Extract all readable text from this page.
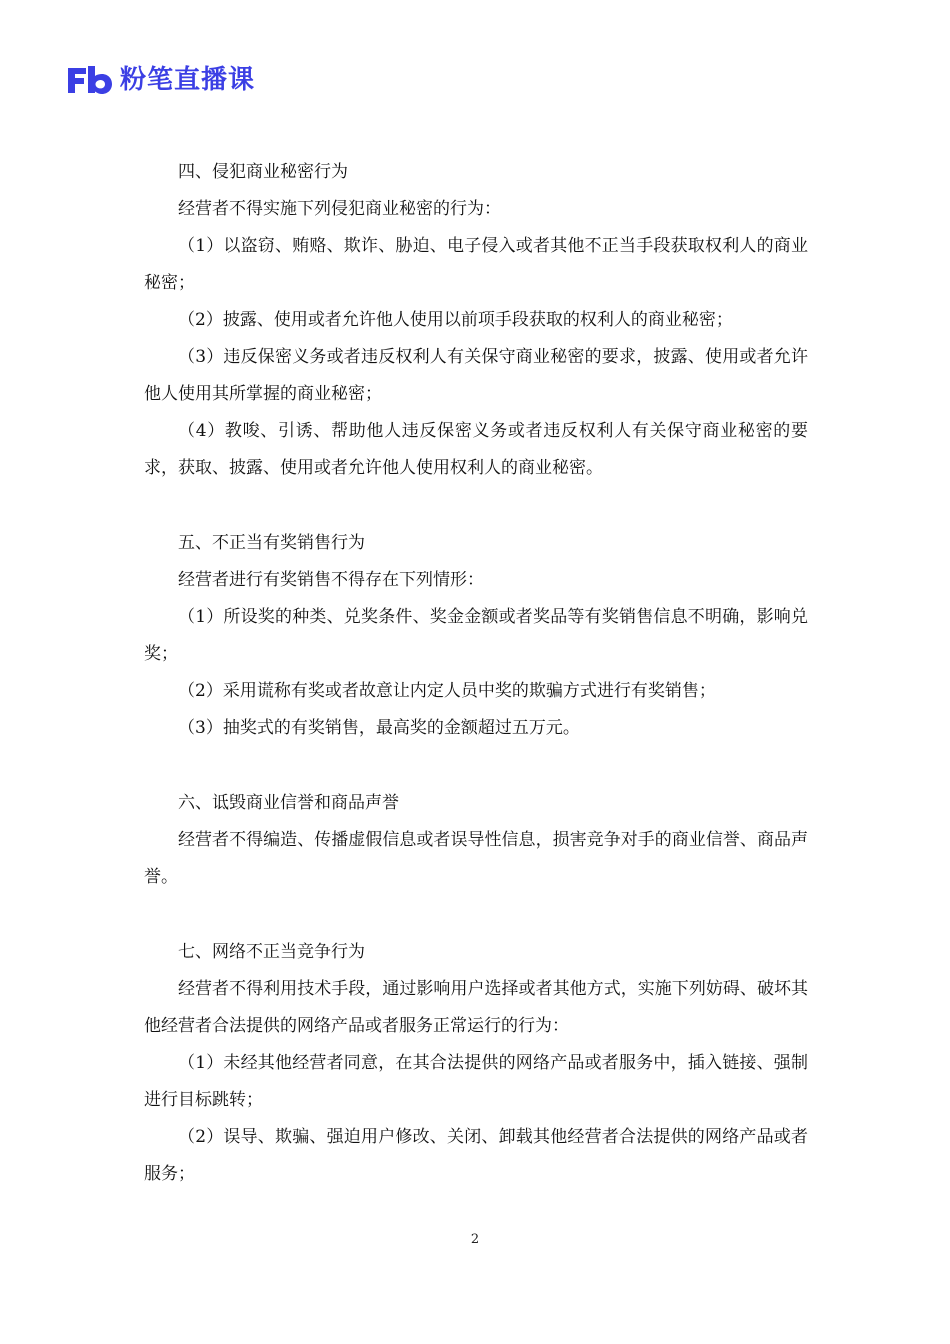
粉笔直播课

四、侵犯商业秘密行为

经营者不得实施下列侵犯商业秘密的行为：

（1）以盗窃、贿赂、欺诈、胁迫、电子侵入或者其他不正当手段获取权利人的商业秘密；

（2）披露、使用或者允许他人使用以前项手段获取的权利人的商业秘密；

（3）违反保密义务或者违反权利人有关保守商业秘密的要求，披露、使用或者允许他人使用其所掌握的商业秘密；

（4）教唆、引诱、帮助他人违反保密义务或者违反权利人有关保守商业秘密的要求，获取、披露、使用或者允许他人使用权利人的商业秘密。

五、不正当有奖销售行为

经营者进行有奖销售不得存在下列情形：

（1）所设奖的种类、兑奖条件、奖金金额或者奖品等有奖销售信息不明确，影响兑奖；

（2）采用谎称有奖或者故意让内定人员中奖的欺骗方式进行有奖销售；

（3）抽奖式的有奖销售，最高奖的金额超过五万元。

六、诋毁商业信誉和商品声誉

经营者不得编造、传播虚假信息或者误导性信息，损害竞争对手的商业信誉、商品声誉。

七、网络不正当竞争行为

经营者不得利用技术手段，通过影响用户选择或者其他方式，实施下列妨碍、破坏其他经营者合法提供的网络产品或者服务正常运行的行为：

（1）未经其他经营者同意，在其合法提供的网络产品或者服务中，插入链接、强制进行目标跳转；

（2）误导、欺骗、强迫用户修改、关闭、卸载其他经营者合法提供的网络产品或者服务；

2
